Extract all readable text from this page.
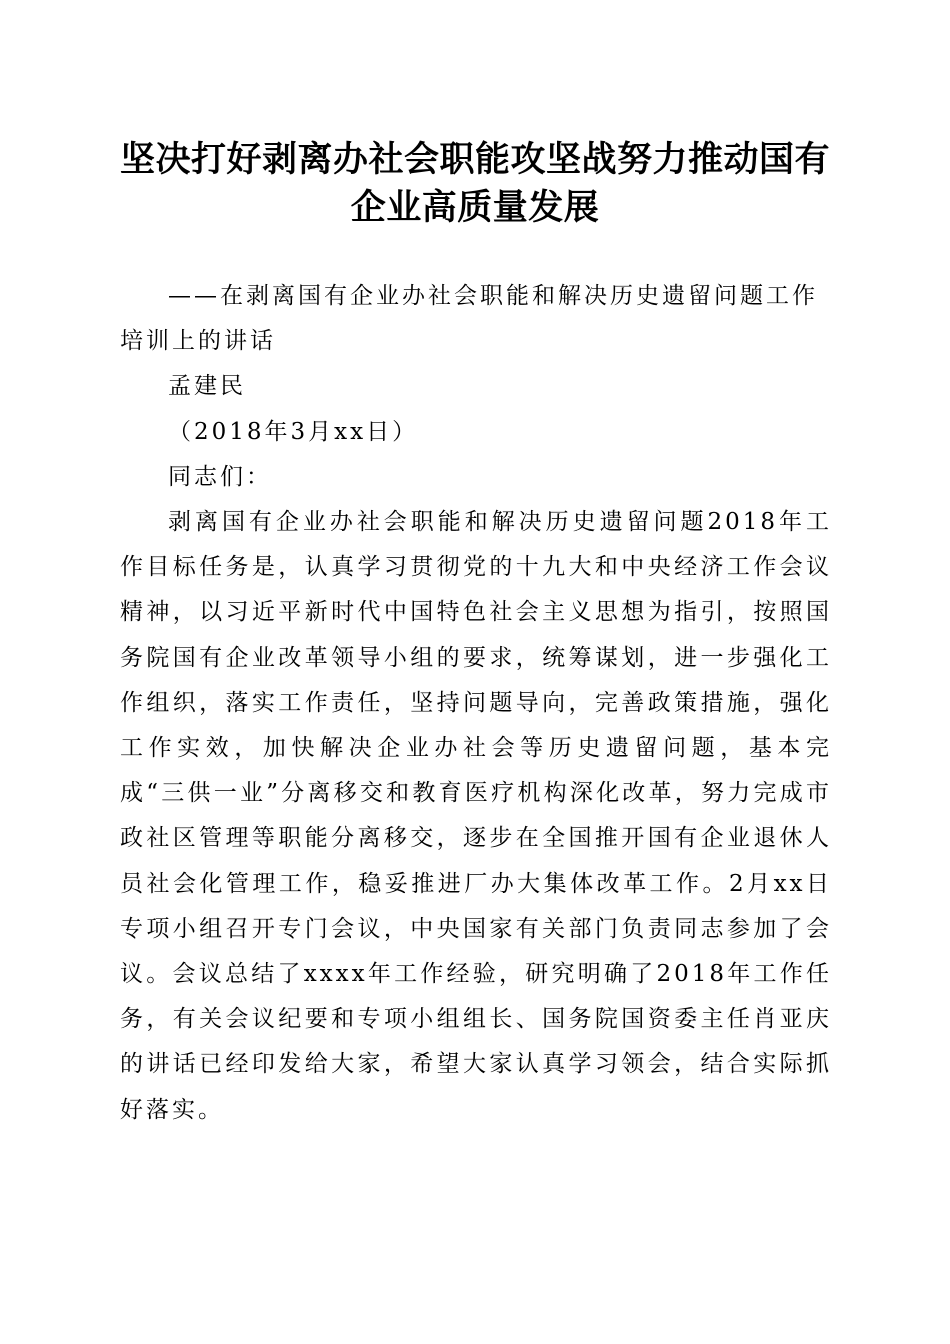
坚决打好剥离办社会职能攻坚战努力推动国有企业高质量发展

——在剥离国有企业办社会职能和解决历史遗留问题工作培训上的讲话

孟建民

（2018年3月xx日）

同志们：

剥离国有企业办社会职能和解决历史遗留问题2018年工作目标任务是，认真学习贯彻党的十九大和中央经济工作会议精神，以习近平新时代中国特色社会主义思想为指引，按照国务院国有企业改革领导小组的要求，统筹谋划，进一步强化工作组织，落实工作责任，坚持问题导向，完善政策措施，强化工作实效，加快解决企业办社会等历史遗留问题，基本完成“三供一业”分离移交和教育医疗机构深化改革，努力完成市政社区管理等职能分离移交，逐步在全国推开国有企业退休人员社会化管理工作，稳妥推进厂办大集体改革工作。2月xx日专项小组召开专门会议，中央国家有关部门负责同志参加了会议。会议总结了xxxx年工作经验，研究明确了2018年工作任务，有关会议纪要和专项小组组长、国务院国资委主任肖亚庆的讲话已经印发给大家，希望大家认真学习领会，结合实际抓好落实。
